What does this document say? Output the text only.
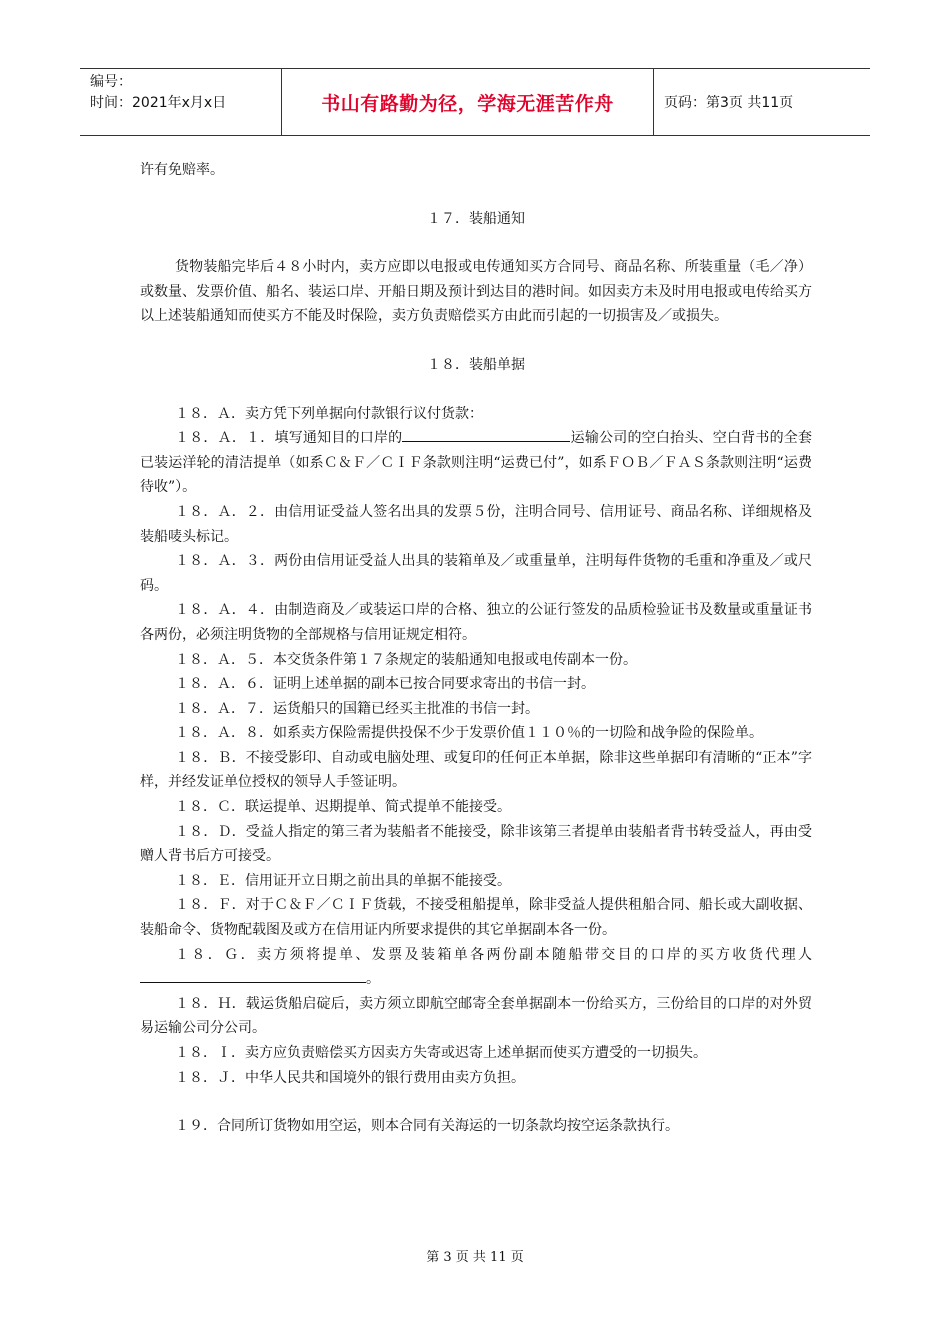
编号：
时间：2021年x月x日	书山有路勤为径，学海无涯苦作舟	页码：第3页 共11页

许有免赔率。

１７．装船通知

货物装船完毕后４８小时内，卖方应即以电报或电传通知买方合同号、商品名称、所装重量（毛／净）或数量、发票价值、船名、装运口岸、开船日期及预计到达目的港时间。如因卖方未及时用电报或电传给买方以上述装船通知而使买方不能及时保险，卖方负责赔偿买方由此而引起的一切损害及／或损失。

１８．装船单据

１８．Ａ．卖方凭下列单据向付款银行议付货款：

１８．Ａ．１．填写通知目的口岸的	运输公司的空白抬头、空白背书的全套已装运洋轮的清洁提单（如系Ｃ＆Ｆ／ＣＩＦ条款则注明“运费已付”，如系ＦＯＢ／ＦＡＳ条款则注明“运费待收”）。

１８．Ａ．２．由信用证受益人签名出具的发票５份，注明合同号、信用证号、商品名称、详细规格及装船唛头标记。

１８．Ａ．３．两份由信用证受益人出具的装箱单及／或重量单，注明每件货物的毛重和净重及／或尺码。

１８．Ａ．４．由制造商及／或装运口岸的合格、独立的公证行签发的品质检验证书及数量或重量证书各两份，必须注明货物的全部规格与信用证规定相符。

１８．Ａ．５．本交货条件第１７条规定的装船通知电报或电传副本一份。

１８．Ａ．６．证明上述单据的副本已按合同要求寄出的书信一封。

１８．Ａ．７．运货船只的国籍已经买主批准的书信一封。

１８．Ａ．８．如系卖方保险需提供投保不少于发票价值１１０％的一切险和战争险的保险单。

１８．Ｂ．不接受影印、自动或电脑处理、或复印的任何正本单据，除非这些单据印有清晰的“正本”字样，并经发证单位授权的领导人手签证明。

１８．Ｃ．联运提单、迟期提单、简式提单不能接受。

１８．Ｄ．受益人指定的第三者为装船者不能接受，除非该第三者提单由装船者背书转受益人，再由受赠人背书后方可接受。

１８．Ｅ．信用证开立日期之前出具的单据不能接受。

１８．Ｆ．对于Ｃ＆Ｆ／ＣＩＦ货载，不接受租船提单，除非受益人提供租船合同、船长或大副收据、装船命令、货物配载图及或方在信用证内所要求提供的其它单据副本各一份。

１８．Ｇ．卖方须将提单、发票及装箱单各两份副本随船带交目的口岸的买方收货代理人。

１８．Ｈ．载运货船启碇后，卖方须立即航空邮寄全套单据副本一份给买方，三份给目的口岸的对外贸易运输公司分公司。

１８．Ｉ．卖方应负责赔偿买方因卖方失寄或迟寄上述单据而使买方遭受的一切损失。

１８．Ｊ．中华人民共和国境外的银行费用由卖方负担。

１９．合同所订货物如用空运，则本合同有关海运的一切条款均按空运条款执行。

第 3 页 共 11 页
